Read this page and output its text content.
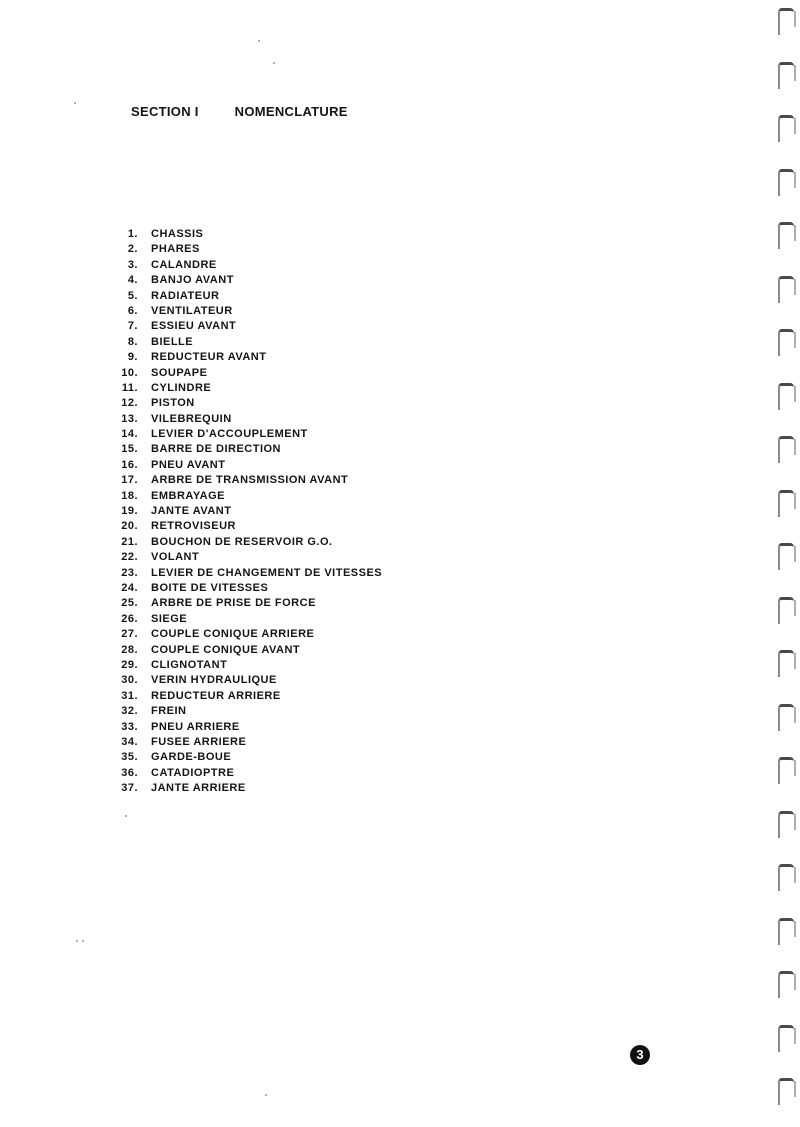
SECTION I	NOMENCLATURE
1. CHASSIS
2. PHARES
3. CALANDRE
4. BANJO AVANT
5. RADIATEUR
6. VENTILATEUR
7. ESSIEU AVANT
8. BIELLE
9. REDUCTEUR AVANT
10. SOUPAPE
11. CYLINDRE
12. PISTON
13. VILEBREQUIN
14. LEVIER D'ACCOUPLEMENT
15. BARRE DE DIRECTION
16. PNEU AVANT
17. ARBRE DE TRANSMISSION AVANT
18. EMBRAYAGE
19. JANTE AVANT
20. RETROVISEUR
21. BOUCHON DE RESERVOIR G.O.
22. VOLANT
23. LEVIER DE CHANGEMENT DE VITESSES
24. BOITE DE VITESSES
25. ARBRE DE PRISE DE FORCE
26. SIEGE
27. COUPLE CONIQUE ARRIERE
28. COUPLE CONIQUE AVANT
29. CLIGNOTANT
30. VERIN HYDRAULIQUE
31. REDUCTEUR ARRIERE
32. FREIN
33. PNEU ARRIERE
34. FUSEE ARRIERE
35. GARDE-BOUE
36. CATADIOPTRE
37. JANTE ARRIERE
3
